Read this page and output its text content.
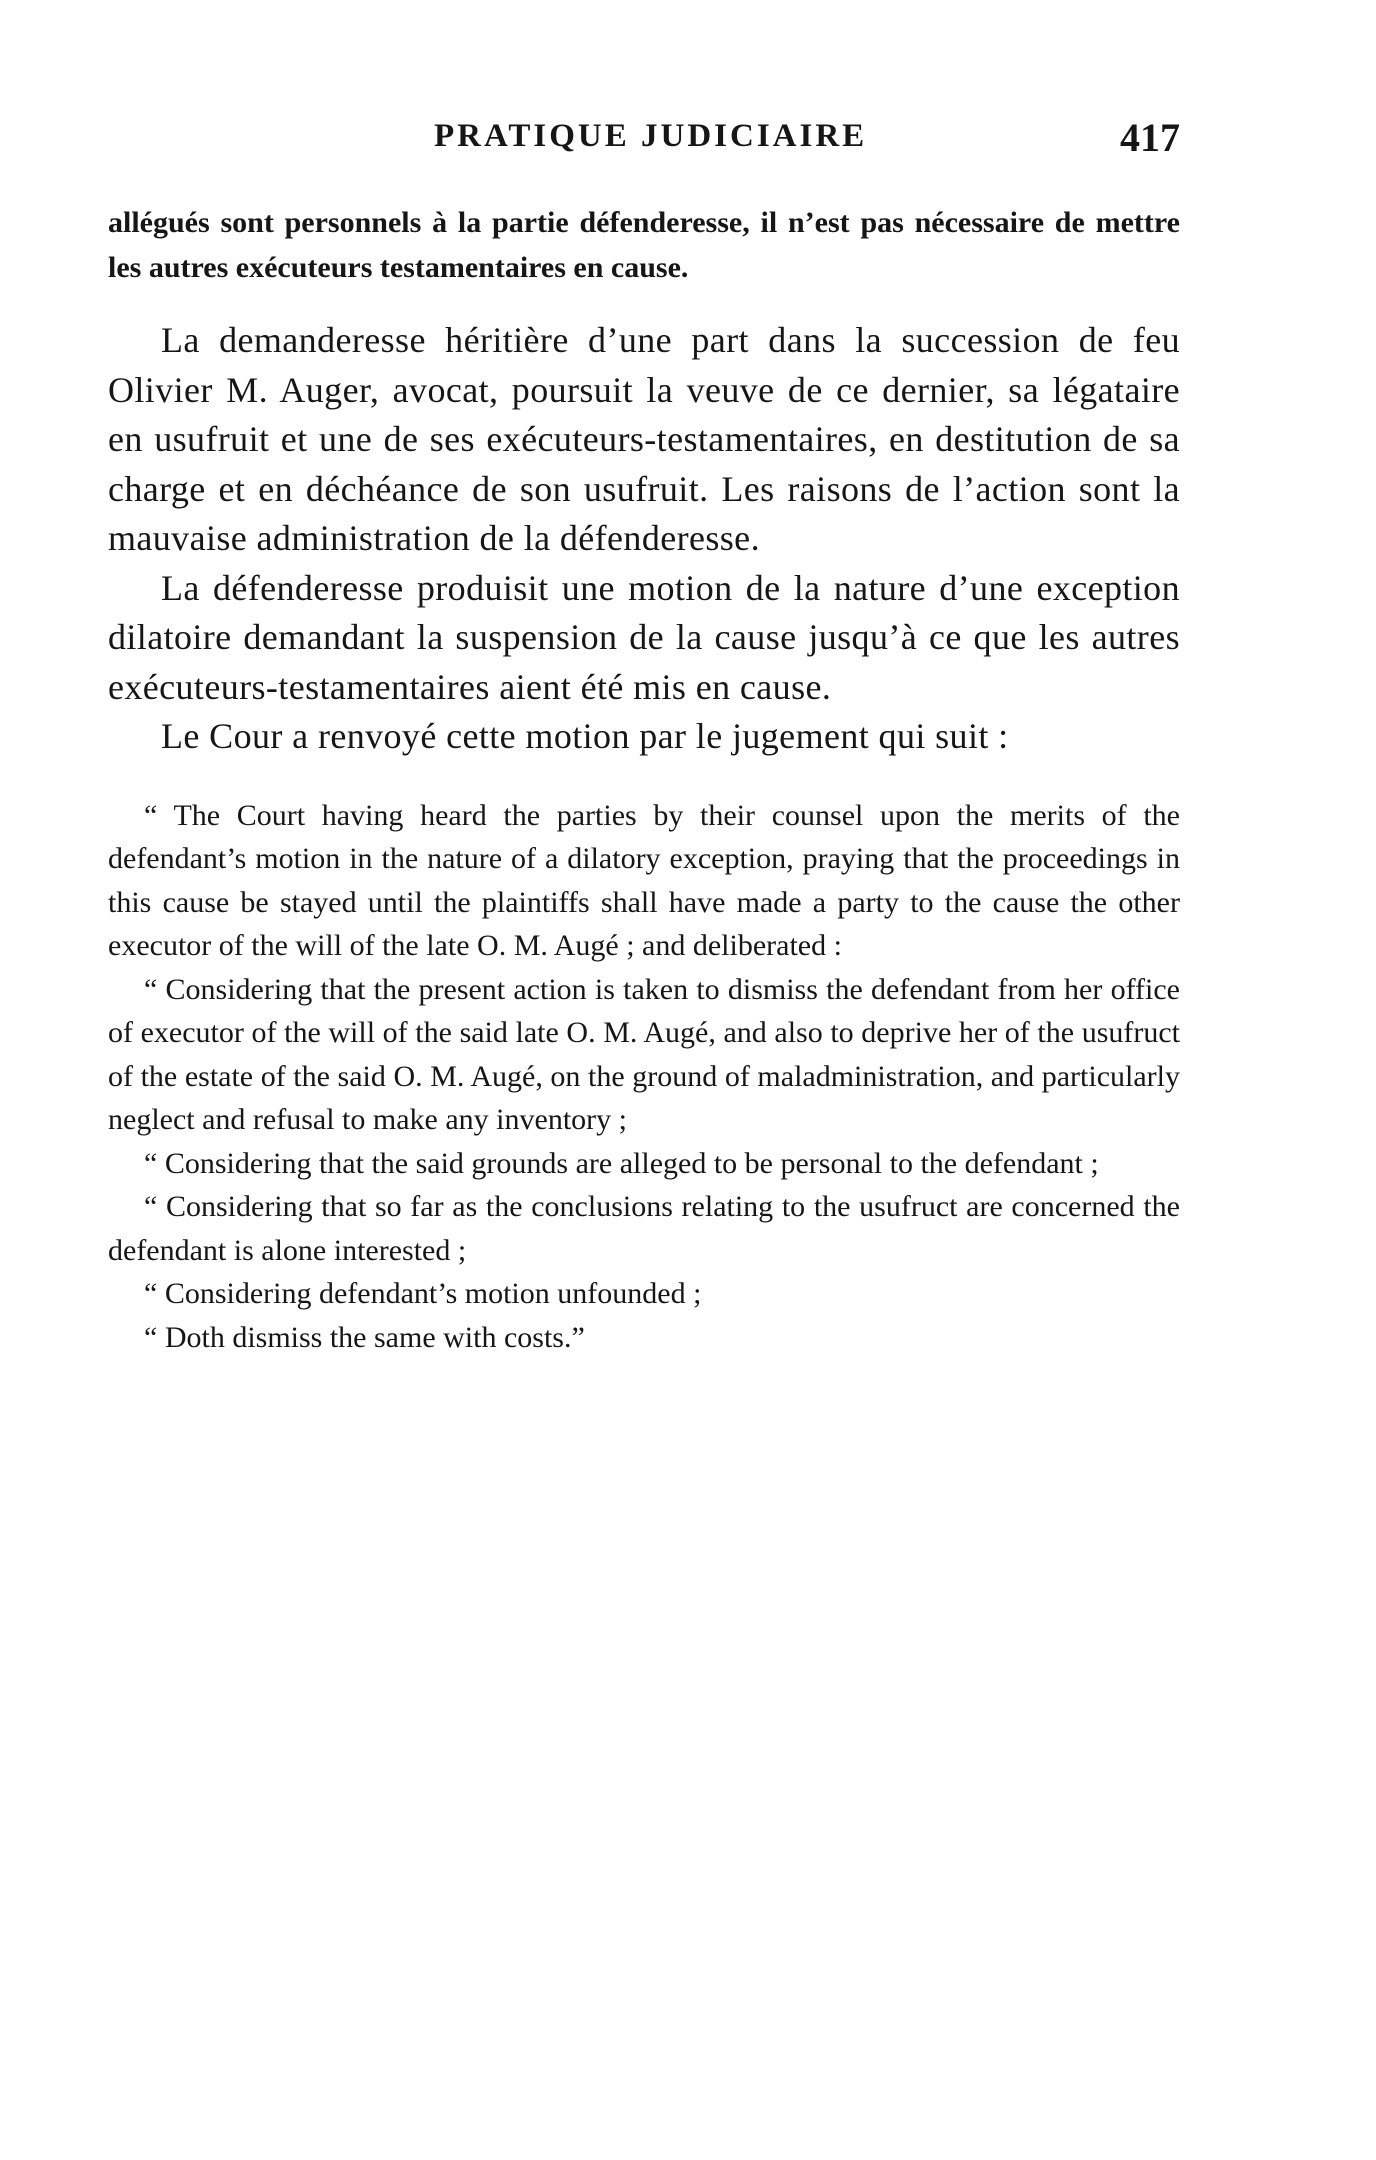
PRATIQUE JUDICIAIRE	417

allégués sont personnels à la partie défenderesse, il n’est pas nécessaire de mettre les autres exécuteurs testamentaires en cause.

La demanderesse héritière d’une part dans la succession de feu Olivier M. Auger, avocat, poursuit la veuve de ce dernier, sa légataire en usufruit et une de ses exécuteurs-testamentaires, en destitution de sa charge et en déchéance de son usufruit. Les raisons de l’action sont la mauvaise administration de la défenderesse.

La défenderesse produisit une motion de la nature d’une exception dilatoire demandant la suspension de la cause jusqu’à ce que les autres exécuteurs-testamentaires aient été mis en cause.

Le Cour a renvoyé cette motion par le jugement qui suit :

“ The Court having heard the parties by their counsel upon the merits of the defendant’s motion in the nature of a dilatory exception, praying that the proceedings in this cause be stayed until the plaintiffs shall have made a party to the cause the other executor of the will of the late O. M. Augé ; and deliberated :

“ Considering that the present action is taken to dismiss the defendant from her office of executor of the will of the said late O. M. Augé, and also to deprive her of the usufruct of the estate of the said O. M. Augé, on the ground of maladministration, and particularly neglect and refusal to make any inventory ;

“ Considering that the said grounds are alleged to be personal to the defendant ;

“ Considering that so far as the conclusions relating to the usufruct are concerned the defendant is alone interested ;

“ Considering defendant’s motion unfounded ;

“ Doth dismiss the same with costs.”
